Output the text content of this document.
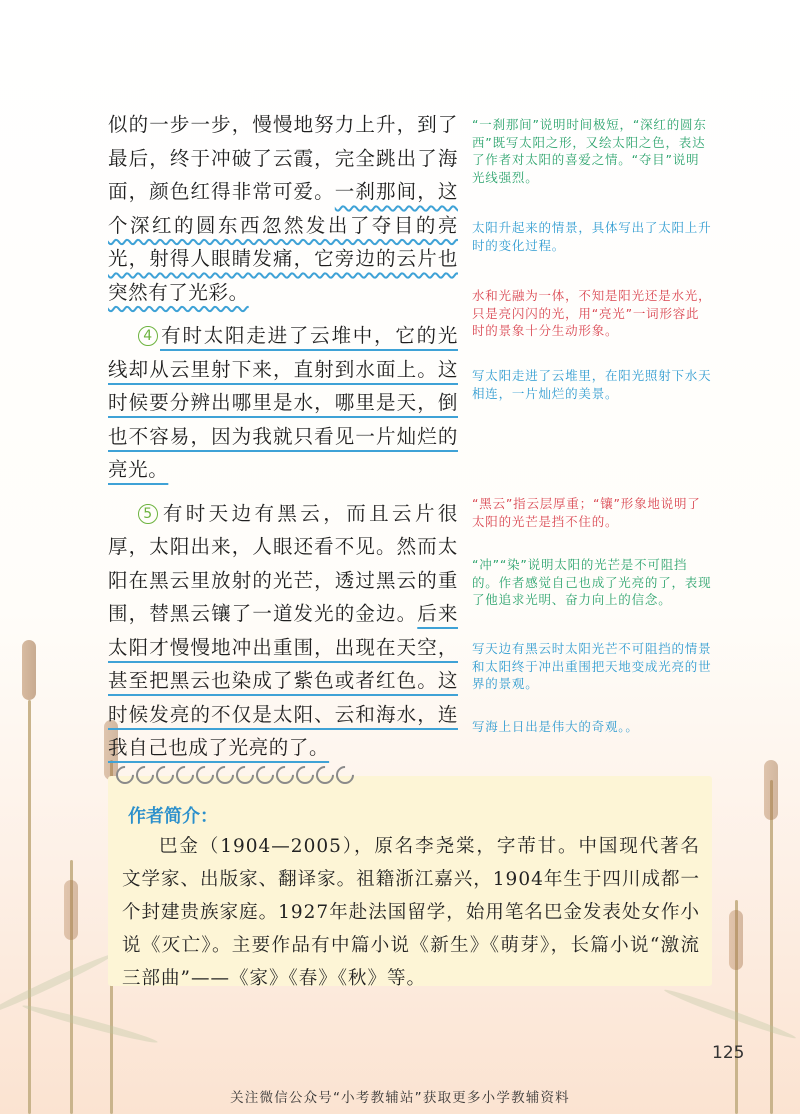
似的一步一步，慢慢地努力上升，到了最后，终于冲破了云霞，完全跳出了海面，颜色红得非常可爱。一刹那间，这个深红的圆东西忽然发出了夺目的亮光，射得人眼睛发痛，它旁边的云片也突然有了光彩。

4 有时太阳走进了云堆中，它的光线却从云里射下来，直射到水面上。这时候要分辨出哪里是水，哪里是天，倒也不容易，因为我就只看见一片灿烂的亮光。

5 有时天边有黑云，而且云片很厚，太阳出来，人眼还看不见。然而太阳在黑云里放射的光芒，透过黑云的重围，替黑云镶了一道发光的金边。后来太阳才慢慢地冲出重围，出现在天空，甚至把黑云也染成了紫色或者红色。这时候发亮的不仅是太阳、云和海水，连我自己也成了光亮的了。

“一刹那间”说明时间极短，“深红的圆东西”既写太阳之形，又绘太阳之色，表达了作者对太阳的喜爱之情。“夺目”说明光线强烈。

太阳升起来的情景，具体写出了太阳上升时的变化过程。

水和光融为一体，不知是阳光还是水光，只是亮闪闪的光，用“亮光”一词形容此时的景象十分生动形象。

写太阳走进了云堆里，在阳光照射下水天相连，一片灿烂的美景。

“黑云”指云层厚重；“镶”形象地说明了太阳的光芒是挡不住的。

“冲”“染”说明太阳的光芒是不可阻挡的。作者感觉自己也成了光亮的了，表现了他追求光明、奋力向上的信念。

写天边有黑云时太阳光芒不可阻挡的情景和太阳终于冲出重围把天地变成光亮的世界的景观。

写海上日出是伟大的奇观。。

作者简介：

巴金（1904—2005），原名李尧棠，字芾甘。中国现代著名文学家、出版家、翻译家。祖籍浙江嘉兴，1904年生于四川成都一个封建贵族家庭。1927年赴法国留学，始用笔名巴金发表处女作小说《灭亡》。主要作品有中篇小说《新生》《萌芽》，长篇小说“激流三部曲”——《家》《春》《秋》等。

125
关注微信公众号“小考教辅站”获取更多小学教辅资料
